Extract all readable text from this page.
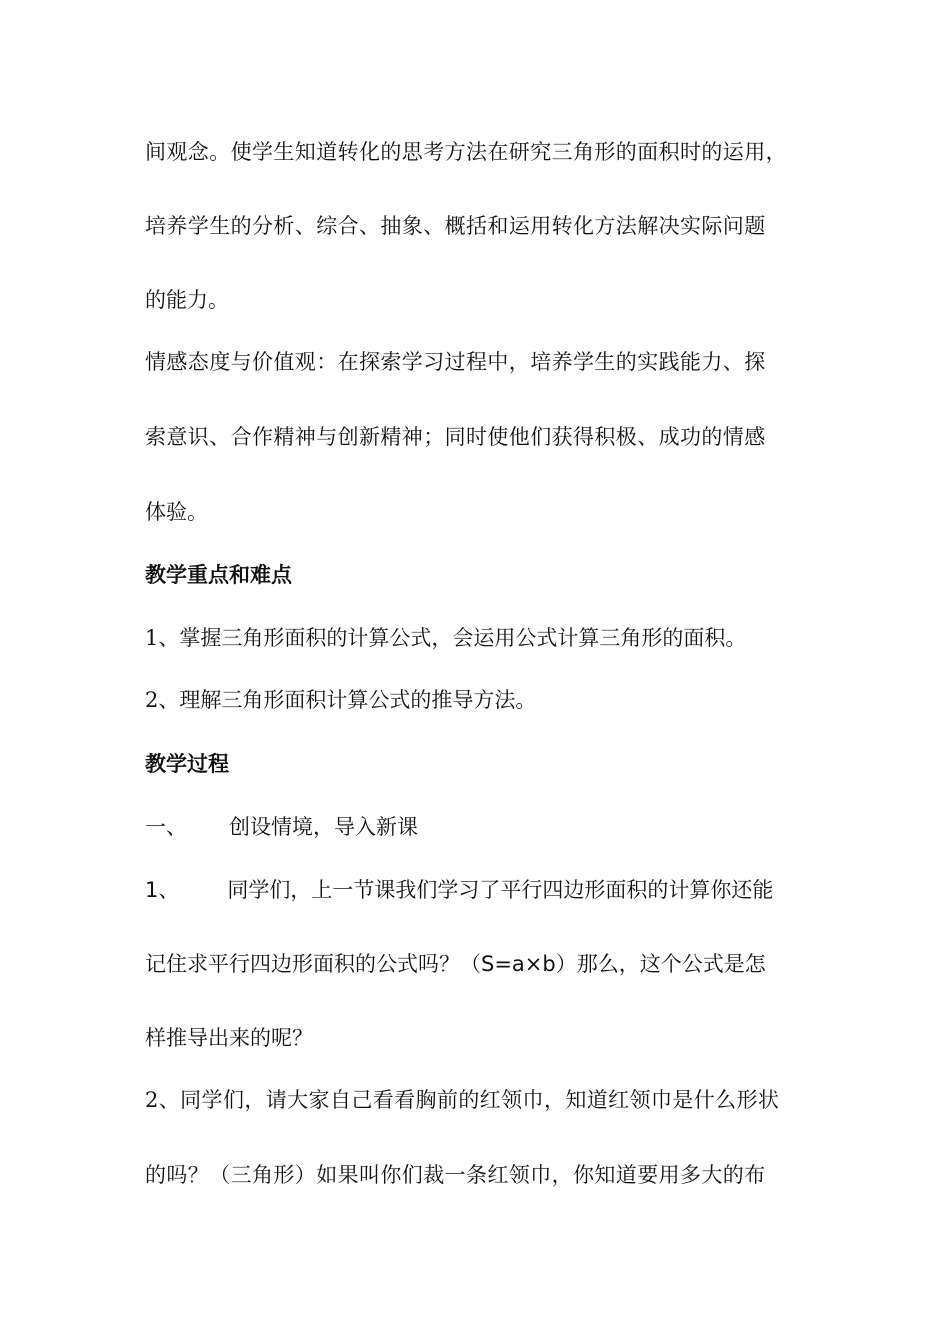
间观念。使学生知道转化的思考方法在研究三角形的面积时的运用，
培养学生的分析、综合、抽象、概括和运用转化方法解决实际问题
的能力。
情感态度与价值观：在探索学习过程中，培养学生的实践能力、探
索意识、合作精神与创新精神；同时使他们获得积极、成功的情感
体验。
教学重点和难点
1、掌握三角形面积的计算公式，会运用公式计算三角形的面积。
2、理解三角形面积计算公式的推导方法。
教学过程
一、 创设情境，导入新课
1、 同学们，上一节课我们学习了平行四边形面积的计算你还能
记住求平行四边形面积的公式吗？（S=a×b）那么，这个公式是怎
样推导出来的呢？
2、同学们，请大家自己看看胸前的红领巾，知道红领巾是什么形状
的吗？（三角形）如果叫你们裁一条红领巾，你知道要用多大的布
